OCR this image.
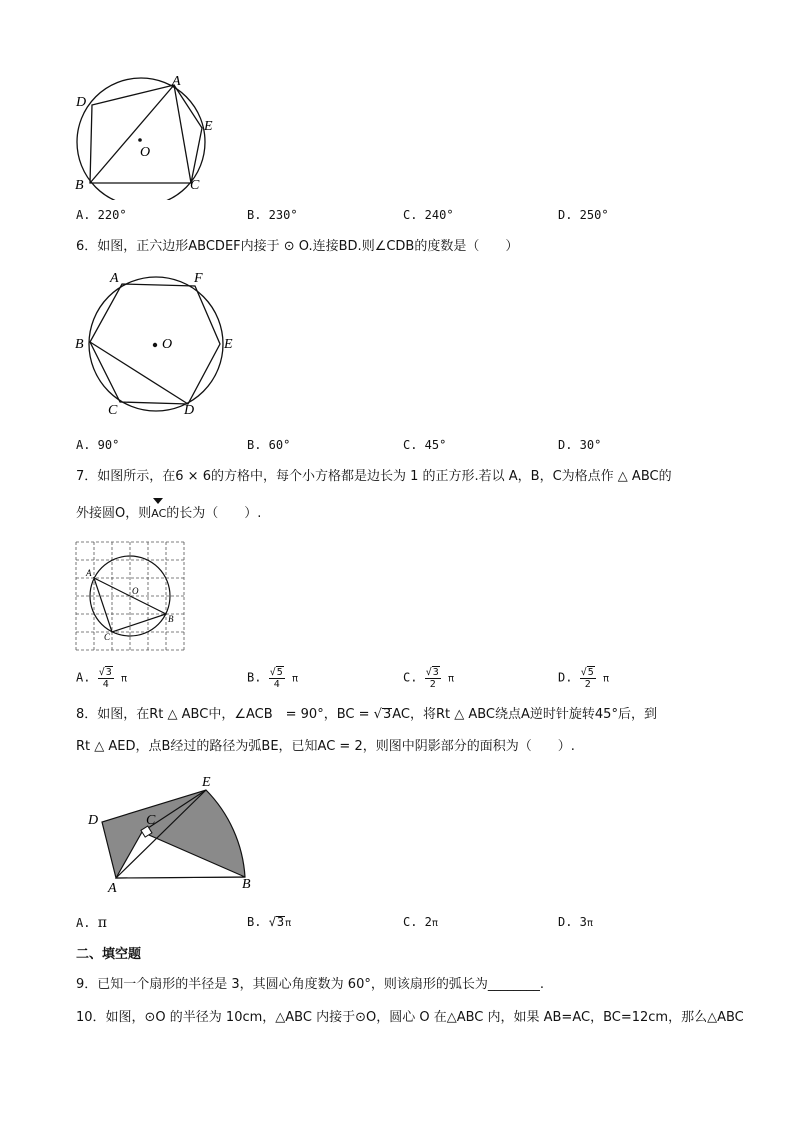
A
D
E
O
B	C
A. 220°	B. 230°	C. 240°	D. 250°
6．如图，正六边形ABCDEF内接于 ⊙ O.连接BD.则∠CDB的度数是（　　）
A	F
B	O	E
C	D
A. 90°	B. 60°	C. 45°	D. 30°
7．如图所示，在6 × 6的方格中，每个小方格都是边长为 1 的正方形.若以 A，B，C为格点作 △ ABC的
外接圆O，则AC的长为（　　）.
A
O
B
C
A. $\frac{√3}{4}$ π	B. $\frac{√5}{4}$ π	C. $\frac{√3}{2}$ π	D. $\frac{√5}{2}$ π
8．如图，在Rt △ ABC中，∠ACB　= 90°，BC = √3AC，将Rt △ ABC绕点A逆时针旋转45°后，到
Rt △ AED，点B经过的路径为弧BE，已知AC = 2，则图中阴影部分的面积为（　　）.
E
D	C
A	B
A. π	B. √3π	C. 2π	D. 3π
二、填空题
9．已知一个扇形的半径是 3，其圆心角度数为 60°，则该扇形的弧长为________.
10．如图，⊙O 的半径为 10cm，△ABC 内接于⊙O，圆心 O 在△ABC 内，如果 AB=AC，BC=12cm，那么△ABC
